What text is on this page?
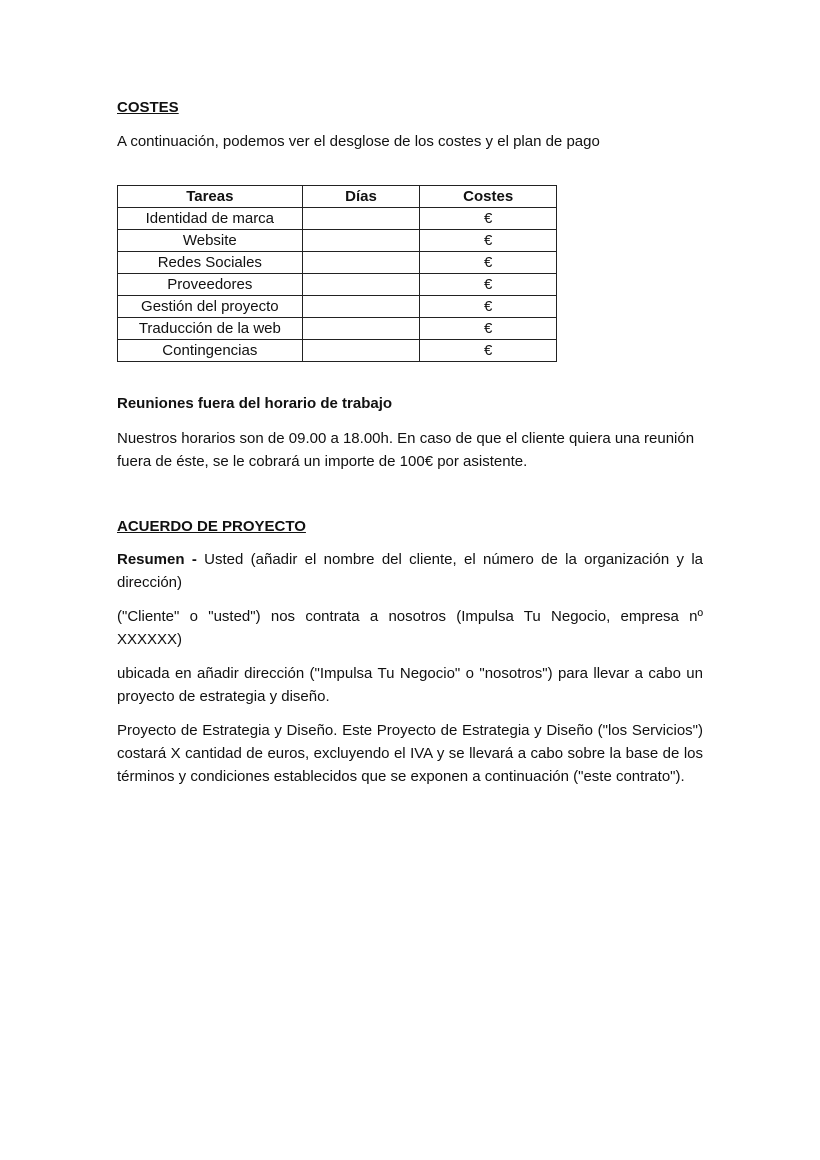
COSTES

A continuación, podemos ver el desglose de los costes y el plan de pago

Tareas	Días	Costes
Identidad de marca		€
Website		€
Redes Sociales		€
Proveedores		€
Gestión del proyecto		€
Traducción de la web		€
Contingencias		€
Reuniones fuera del horario de trabajo

Nuestros horarios son de 09.00 a 18.00h. En caso de que el cliente quiera una reunión fuera de éste, se le cobrará un importe de 100€ por asistente.

ACUERDO DE PROYECTO

Resumen - Usted (añadir el nombre del cliente, el número de la organización y la dirección)

("Cliente" o "usted") nos contrata a nosotros (Impulsa Tu Negocio, empresa nº XXXXXX)

ubicada en añadir dirección ("Impulsa Tu Negocio" o "nosotros") para llevar a cabo un proyecto de estrategia y diseño.

Proyecto de Estrategia y Diseño. Este Proyecto de Estrategia y Diseño ("los Servicios") costará X cantidad de euros, excluyendo el IVA y se llevará a cabo sobre la base de los términos y condiciones establecidos que se exponen a continuación ("este contrato").
